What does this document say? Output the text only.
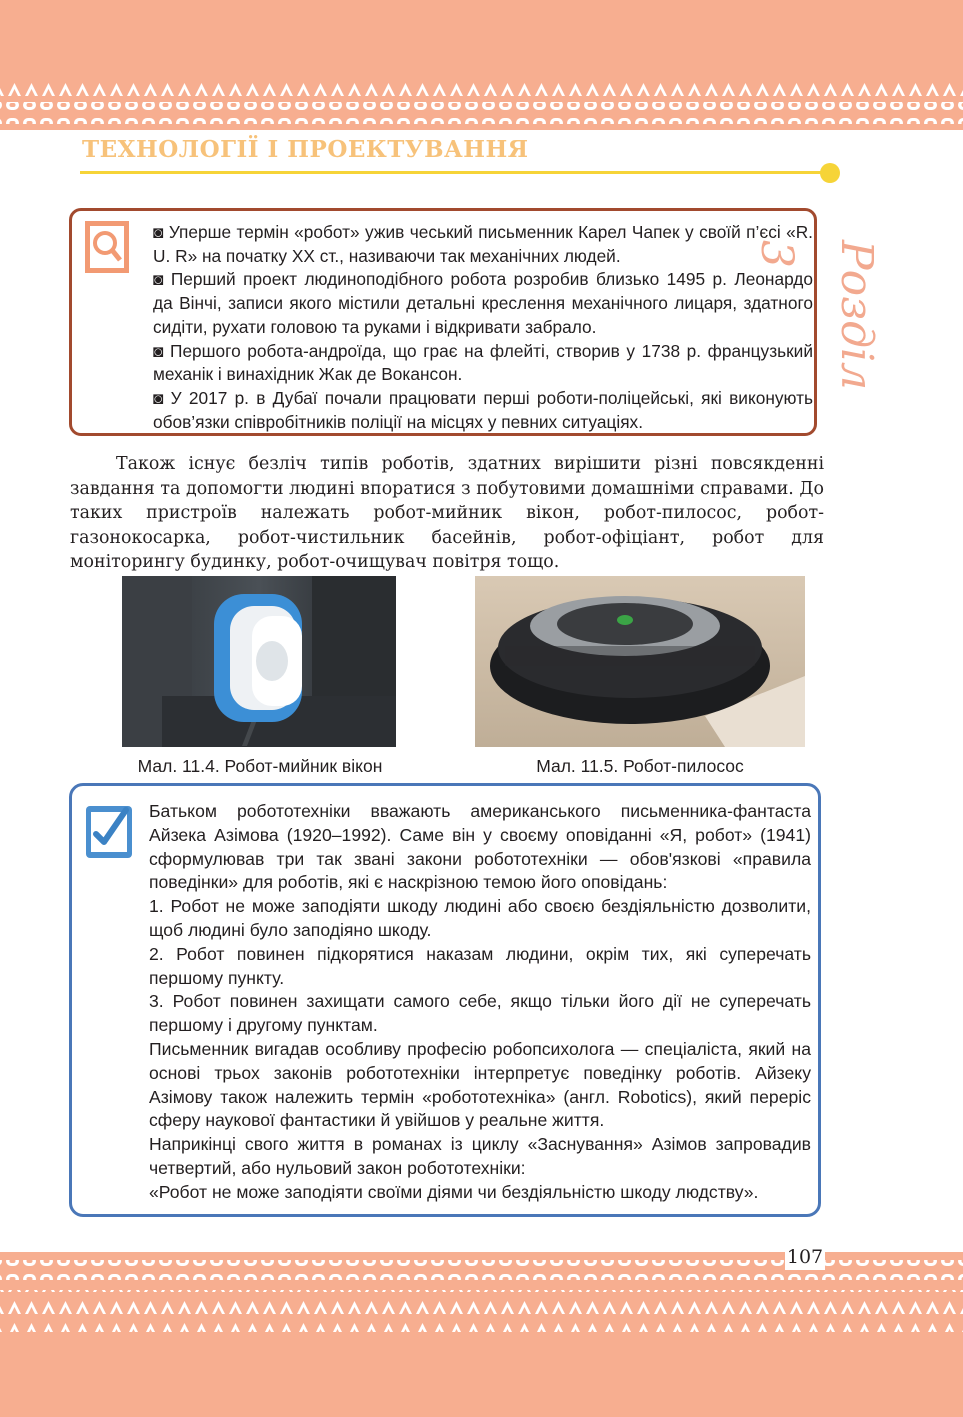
ТЕХНОЛОГІЇ І ПРОЕКТУВАННЯ
Розділ 3

◙ Уперше термін «робот» ужив чеський письменник Карел Чапек у своїй п’єсі «R. U. R» на початку XX ст., називаючи так механічних людей.

◙ Перший проект людиноподібного робота розробив близько 1495 р. Леонардо да Вінчі, записи якого містили детальні креслення механічного лицаря, здатного сидіти, рухати головою та руками і відкривати забрало.

◙ Першого робота-андроїда, що грає на флейті, створив у 1738 р. французький механік і винахідник Жак де Вокансон.

◙ У 2017 р. в Дубаї почали працювати перші роботи-поліцейські, які виконують обов’язки співробітників поліції на місцях у певних ситуаціях.

Також існує безліч типів роботів, здатних вирішити різні повсякденні завдання та допомогти людині впоратися з побутовими домашніми справами. До таких пристроїв належать робот-мийник вікон, робот-пилосос, робот-газонокосарка, робот-чистильник басейнів, робот-офіціант, робот для моніторингу будинку, робот-очищувач повітря тощо.
Мал. 11.4. Робот-мийник вікон	Мал. 11.5. Робот-пилосос

Батьком робототехніки вважають американського письменника-фантаста Айзека Азімова (1920–1992). Саме він у своєму оповіданні «Я, робот» (1941) сформулював три так звані закони робототехніки — обов'язкові «правила поведінки» для роботів, які є наскрізною темою його оповідань:

1. Робот не може заподіяти шкоду людині або своєю бездіяльністю дозволити, щоб людині було заподіяно шкоду.

2. Робот повинен підкорятися наказам людини, окрім тих, які суперечать першому пункту.

3. Робот повинен захищати самого себе, якщо тільки його дії не суперечать першому і другому пунктам.

Письменник вигадав особливу професію робопсихолога — спеціаліста, який на основі трьох законів робототехніки інтерпретує поведінку роботів. Айзеку Азімову також належить термін «робототехніка» (англ. Robotics), який переріс сферу наукової фантастики й увійшов у реальне життя.

Наприкінці свого життя в романах із циклу «Заснування» Азімов запровадив четвертий, або нульовий закон робототехніки:

«Робот не може заподіяти своїми діями чи бездіяльністю шкоду людству».

107
